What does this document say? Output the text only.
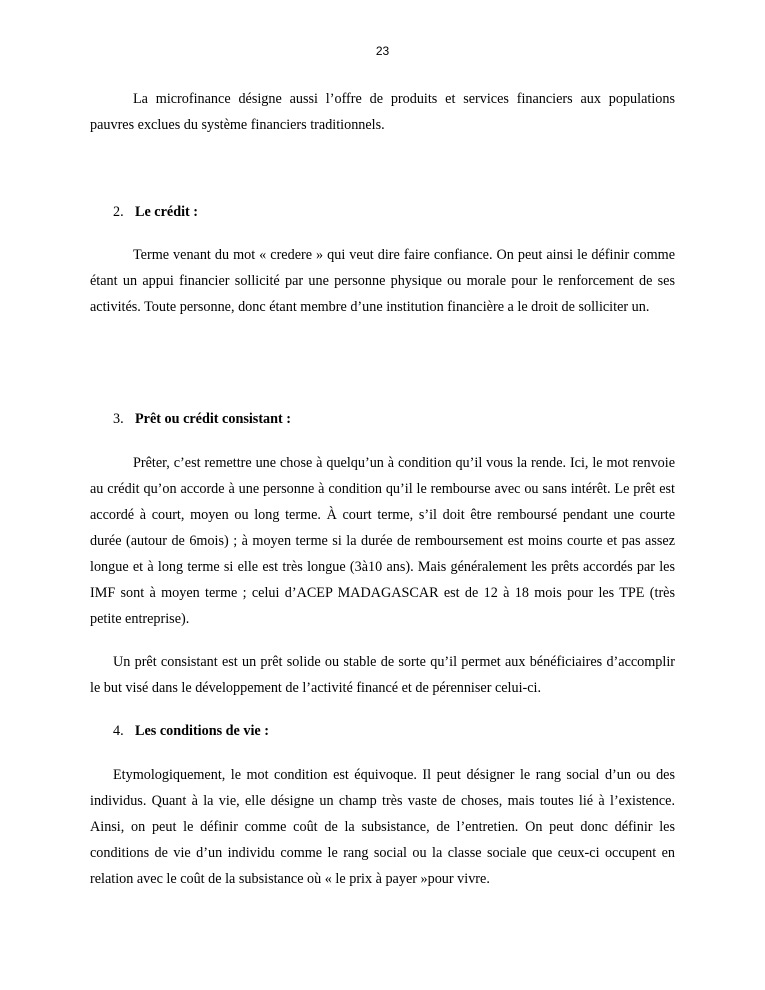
23

La microfinance désigne aussi l’offre de produits et services financiers aux populations pauvres exclues du système financiers traditionnels.

2. Le crédit :

Terme venant du mot « credere » qui veut dire faire confiance. On peut ainsi le définir comme étant un appui financier sollicité par une personne physique ou morale pour le renforcement de ses activités. Toute personne, donc étant membre d’une institution financière a le droit de solliciter un.

3. Prêt ou crédit consistant :

Prêter, c’est remettre une chose à quelqu’un à condition qu’il vous la rende. Ici, le mot renvoie au crédit qu’on accorde à une personne à condition qu’il le rembourse avec ou sans intérêt. Le prêt est accordé à court, moyen ou long terme. À court terme, s’il doit être remboursé pendant une courte durée (autour de 6mois) ; à moyen terme si la durée de remboursement est moins courte et pas assez longue et à long terme si elle est très longue (3à10 ans). Mais généralement les prêts accordés par les IMF sont à moyen terme ; celui d’ACEP MADAGASCAR est de 12 à 18 mois pour les TPE (très petite entreprise).

Un prêt consistant est un prêt solide ou stable de sorte qu’il permet aux bénéficiaires d’accomplir le but visé dans le développement de l’activité financé et de pérenniser celui-ci.

4. Les conditions de vie :

Etymologiquement, le mot condition est équivoque. Il peut désigner le rang social d’un ou des individus. Quant à la vie, elle désigne un champ très vaste de choses, mais toutes lié à l’existence. Ainsi, on peut le définir comme coût de la subsistance, de l’entretien. On peut donc définir les conditions de vie d’un individu comme le rang social ou la classe sociale que ceux-ci occupent en relation avec le coût de la subsistance où « le prix à payer »pour vivre.
